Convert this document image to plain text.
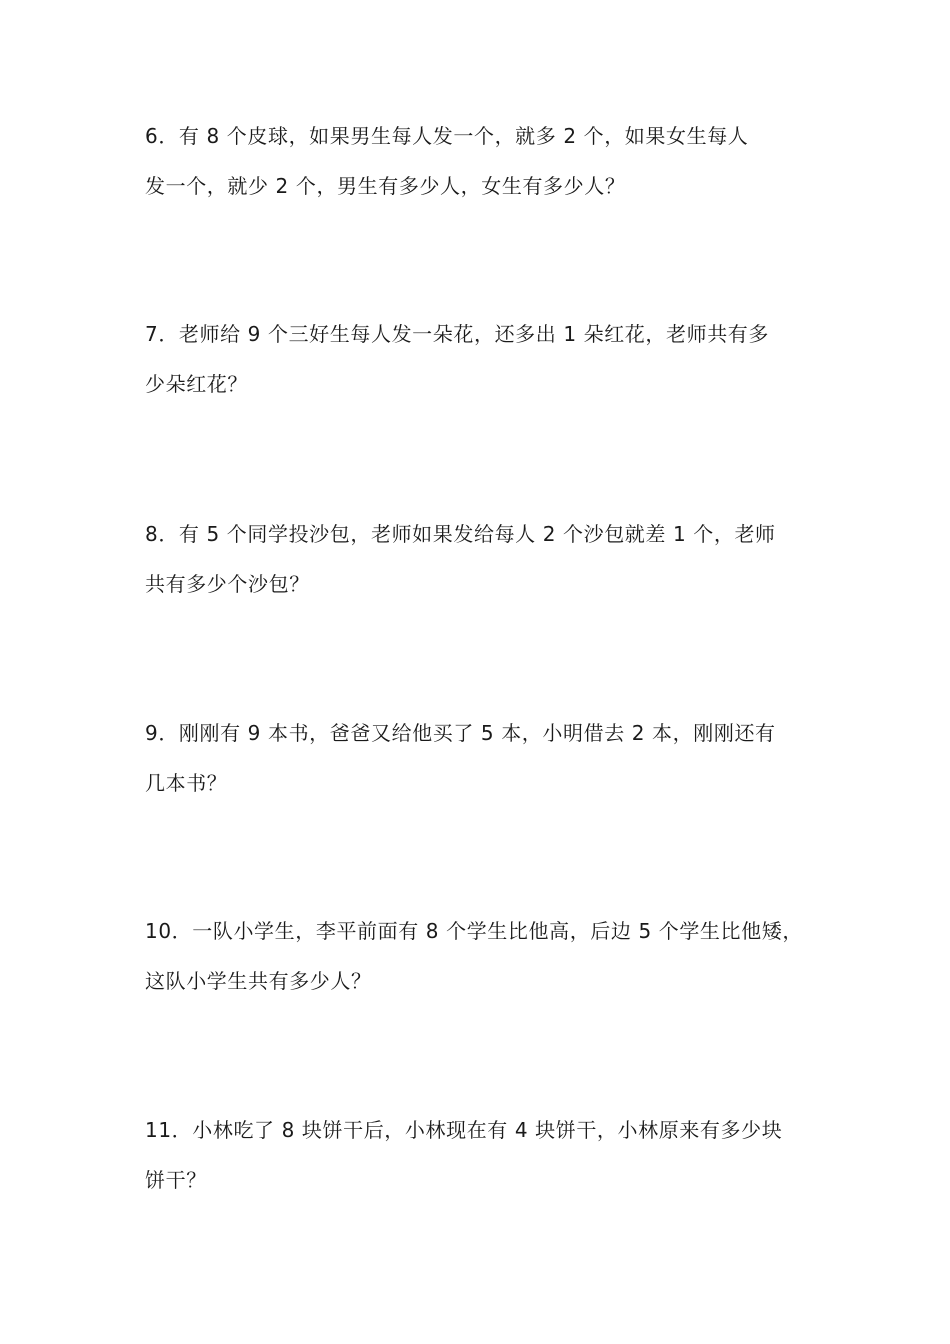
6．有 8 个皮球，如果男生每人发一个，就多 2 个，如果女生每人
发一个，就少 2 个，男生有多少人，女生有多少人？

7．老师给 9 个三好生每人发一朵花，还多出 1 朵红花，老师共有多
少朵红花？

8．有 5 个同学投沙包，老师如果发给每人 2 个沙包就差 1 个，老师
共有多少个沙包？

9．刚刚有 9 本书，爸爸又给他买了 5 本，小明借去 2 本，刚刚还有
几本书？

10．一队小学生，李平前面有 8 个学生比他高，后边 5 个学生比他矮，
这队小学生共有多少人？

11．小林吃了 8 块饼干后，小林现在有 4 块饼干，小林原来有多少块
饼干？
